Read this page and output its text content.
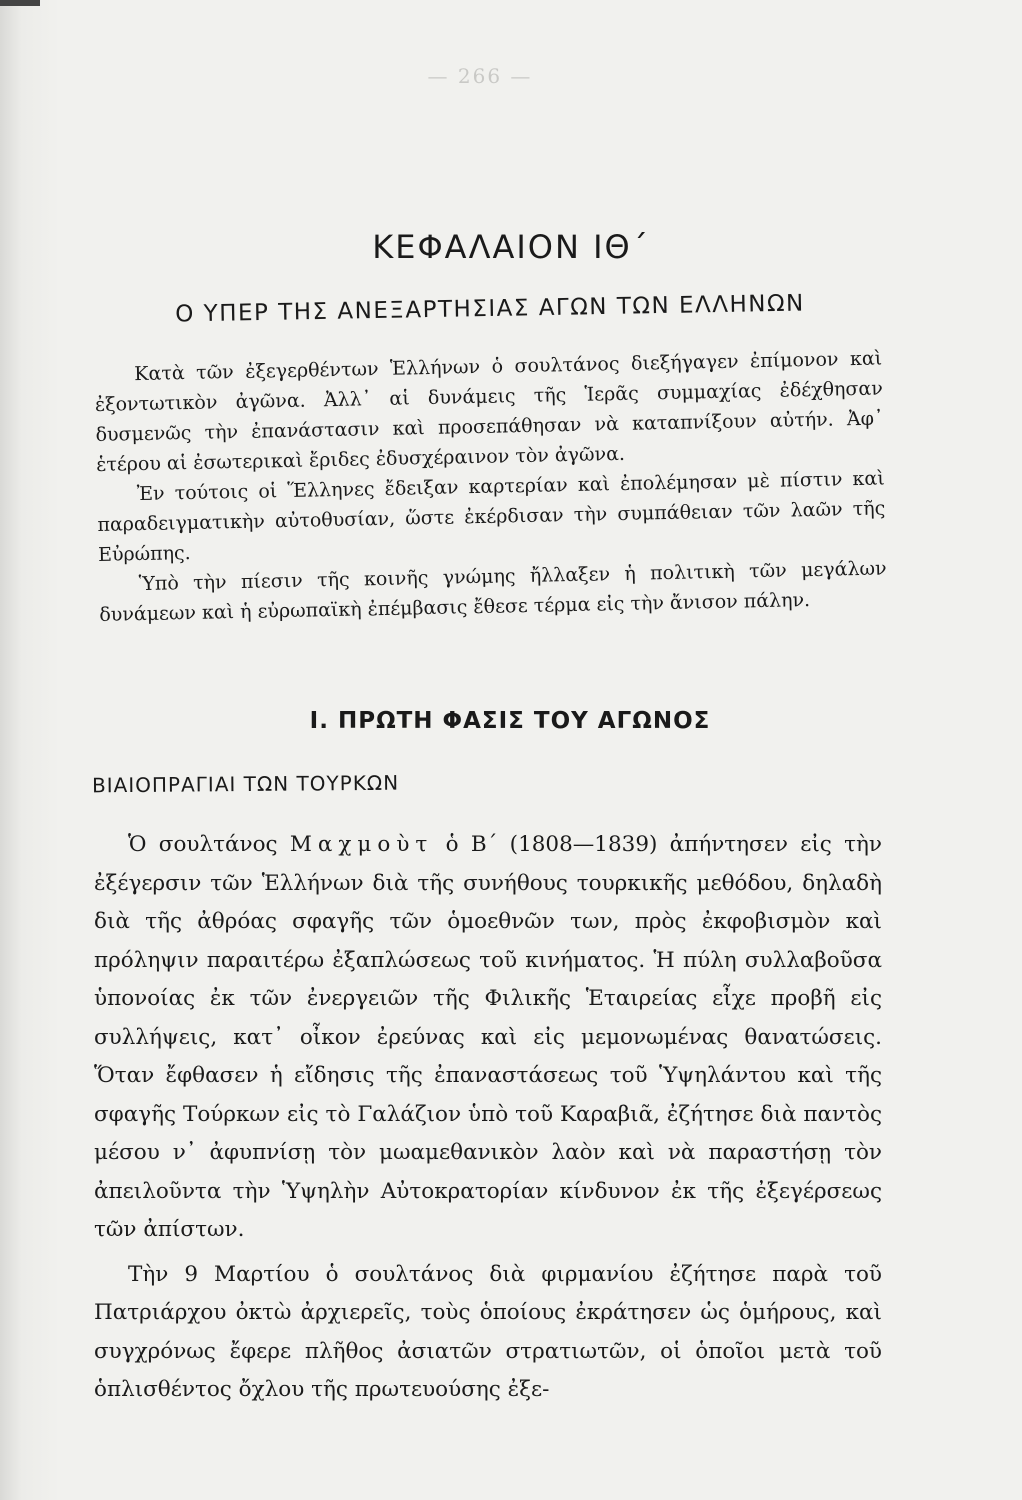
— 266 —
ΚΕΦΑΛΑΙΟΝ ΙΘ΄
Ο ΥΠΕΡ ΤΗΣ ΑΝΕΞΑΡΤΗΣΙΑΣ ΑΓΩΝ ΤΩΝ ΕΛΛΗΝΩΝ

Κατὰ τῶν ἐξεγερθέντων Ἑλλήνων ὁ σουλτάνος διεξήγαγεν ἐπίμονον καὶ ἐξοντωτικὸν ἀγῶνα. Ἀλλ᾽ αἱ δυνάμεις τῆς Ἱερᾶς συμμαχίας ἐδέχθησαν δυσμενῶς τὴν ἐπανάστασιν καὶ προσεπάθησαν νὰ καταπνίξουν αὐτήν. Ἀφ᾽ ἑτέρου αἱ ἐσωτερικαὶ ἔριδες ἐδυσχέραινον τὸν ἀγῶνα.

Ἐν τούτοις οἱ Ἕλληνες ἔδειξαν καρτερίαν καὶ ἐπολέμησαν μὲ πίστιν καὶ παραδειγματικὴν αὐτοθυσίαν, ὥστε ἐκέρδισαν τὴν συμπάθειαν τῶν λαῶν τῆς Εὐρώπης.

Ὑπὸ τὴν πίεσιν τῆς κοινῆς γνώμης ἤλλαξεν ἡ πολιτικὴ τῶν μεγάλων δυνάμεων καὶ ἡ εὐρωπαϊκὴ ἐπέμβασις ἔθεσε τέρμα εἰς τὴν ἄνισον πάλην.

I. ΠΡΩΤΗ ΦΑΣΙΣ ΤΟΥ ΑΓΩΝΟΣ
ΒΙΑΙΟΠΡΑΓΙΑΙ ΤΩΝ ΤΟΥΡΚΩΝ

Ὁ σουλτάνος Μαχμοὺτ ὁ Β΄ (1808—1839) ἀπήντησεν εἰς τὴν ἐξέγερσιν τῶν Ἑλλήνων διὰ τῆς συνήθους τουρκικῆς μεθόδου, δηλαδὴ διὰ τῆς ἀθρόας σφαγῆς τῶν ὁμοεθνῶν των, πρὸς ἐκφοβισμὸν καὶ πρόληψιν παραιτέρω ἐξαπλώσεως τοῦ κινήματος. Ἡ πύλη συλλαβοῦσα ὑπονοίας ἐκ τῶν ἐνεργειῶν τῆς Φιλικῆς Ἑταιρείας εἶχε προβῆ εἰς συλλήψεις, κατ᾽ οἶκον ἐρεύνας καὶ εἰς μεμονωμένας θανατώσεις. Ὅταν ἔφθασεν ἡ εἴδησις τῆς ἐπαναστάσεως τοῦ Ὑψηλάντου καὶ τῆς σφαγῆς Τούρκων εἰς τὸ Γαλάζιον ὑπὸ τοῦ Καραβιᾶ, ἐζήτησε διὰ παντὸς μέσου ν᾽ ἀφυπνίσῃ τὸν μωαμεθανικὸν λαὸν καὶ νὰ παραστήσῃ τὸν ἀπειλοῦντα τὴν Ὑψηλὴν Αὐτοκρατορίαν κίνδυνον ἐκ τῆς ἐξεγέρσεως τῶν ἀπίστων.

Τὴν 9 Μαρτίου ὁ σουλτάνος διὰ φιρμανίου ἐζήτησε παρὰ τοῦ Πατριάρχου ὀκτὼ ἀρχιερεῖς, τοὺς ὁποίους ἐκράτησεν ὡς ὁμήρους, καὶ συγχρόνως ἔφερε πλῆθος ἀσιατῶν στρατιωτῶν, οἱ ὁποῖοι μετὰ τοῦ ὁπλισθέντος ὄχλου τῆς πρωτευούσης ἐξε-
